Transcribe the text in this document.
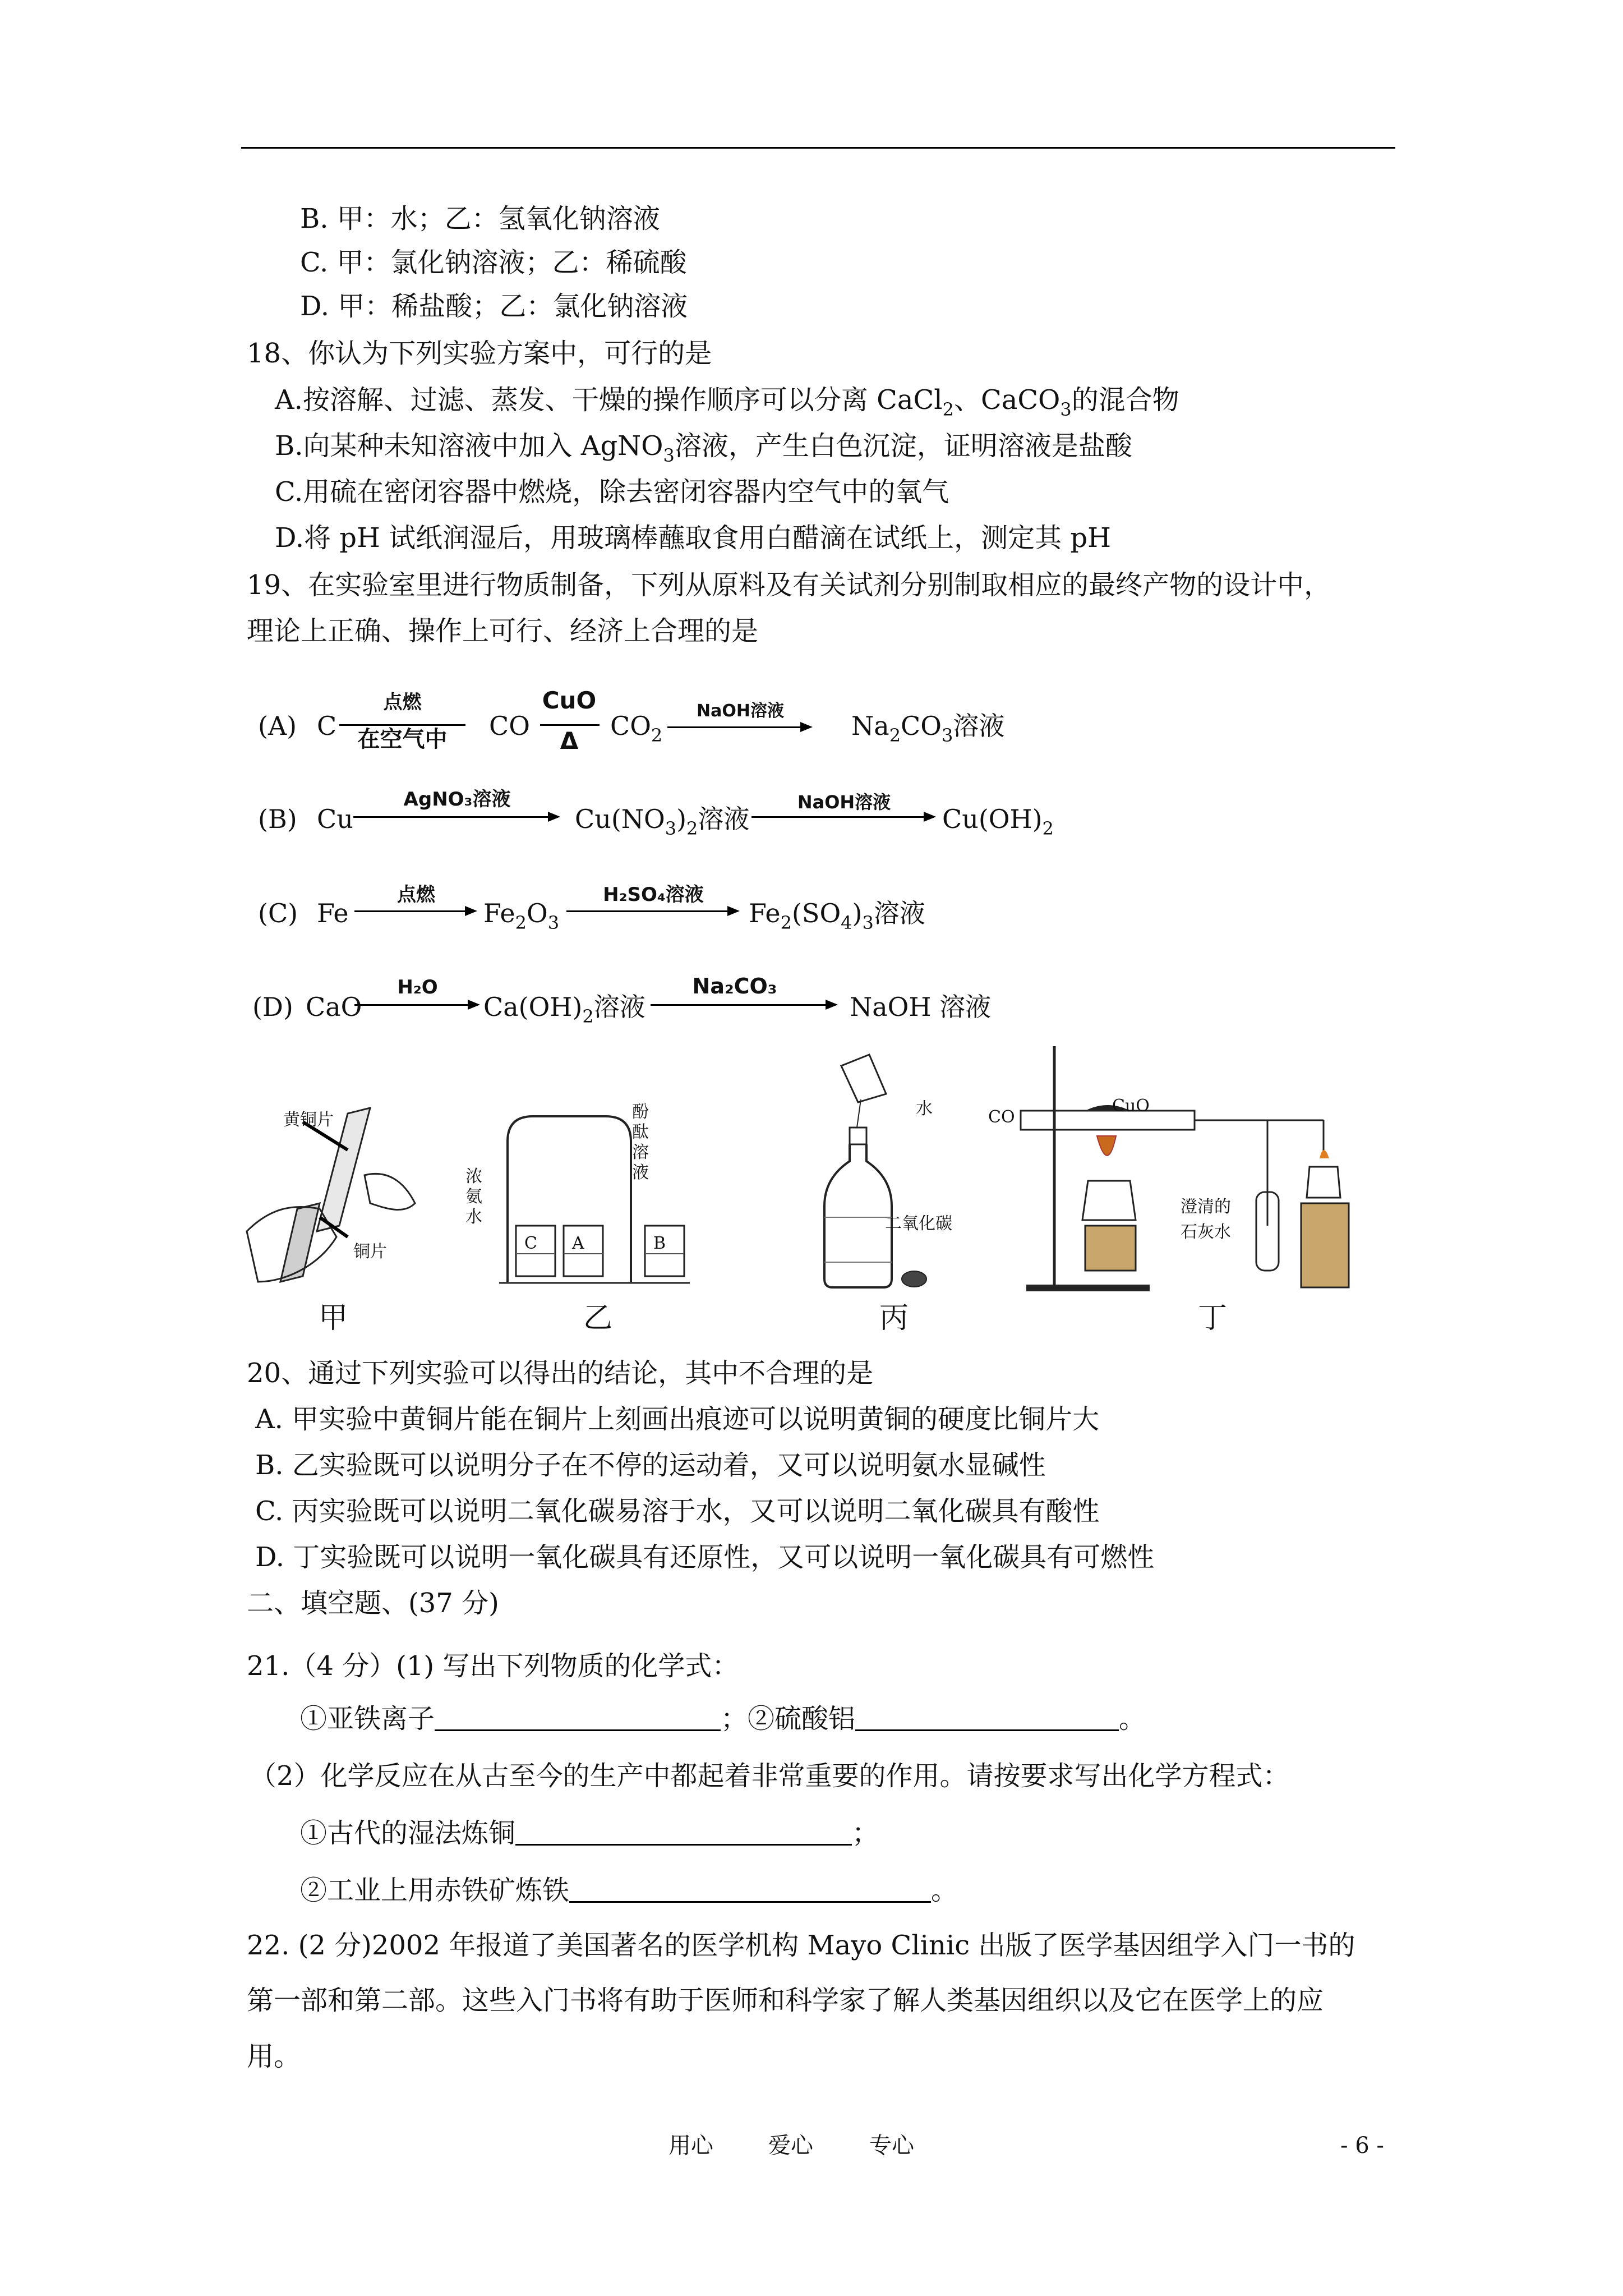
B. 甲：水；乙：氢氧化钠溶液
C. 甲：氯化钠溶液；乙：稀硫酸
D. 甲：稀盐酸；乙：氯化钠溶液
18、你认为下列实验方案中，可行的是
A.按溶解、过滤、蒸发、干燥的操作顺序可以分离 CaCl$_2$、CaCO$_3$的混合物
B.向某种未知溶液中加入 AgNO$_3$溶液，产生白色沉淀，证明溶液是盐酸
C.用硫在密闭容器中燃烧，除去密闭容器内空气中的氧气
D.将 pH 试纸润湿后，用玻璃棒蘸取食用白醋滴在试纸上，测定其 pH
19、在实验室里进行物质制备，下列从原料及有关试剂分别制取相应的最终产物的设计中，
理论上正确、操作上可行、经济上合理的是
(A) C
点燃
在空气中	CO
CuO
Δ	$CO_2$
NaOH溶液	$Na_2CO_3$溶液
(B) Cu
AgNO₃溶液
$Cu(NO_3)_2$溶液
NaOH溶液
$Cu(OH)_2$
(C) Fe
点燃
$Fe_2O_3$
H₂SO₄溶液
$Fe_2(SO_4)_3$溶液
(D) CaO
H₂O
$Ca(OH)_2$溶液
Na₂CO₃
NaOH 溶液
黄铜片
铜片
甲
浓氨水
酚酞溶液
C A	B
乙
水
二氧化碳
丙
CO
CuO
澄清的
石灰水
丁
20、通过下列实验可以得出的结论，其中不合理的是
A. 甲实验中黄铜片能在铜片上刻画出痕迹可以说明黄铜的硬度比铜片大
B. 乙实验既可以说明分子在不停的运动着，又可以说明氨水显碱性
C. 丙实验既可以说明二氧化碳易溶于水，又可以说明二氧化碳具有酸性
D. 丁实验既可以说明一氧化碳具有还原性，又可以说明一氧化碳具有可燃性
二、填空题、(37 分)
21.（4 分）(1) 写出下列物质的化学式：
①亚铁离子	；②硫酸铝	。
（2）化学反应在从古至今的生产中都起着非常重要的作用。请按要求写出化学方程式：
①古代的湿法炼铜	；
②工业上用赤铁矿炼铁	。
22. (2 分)2002 年报道了美国著名的医学机构 Mayo Clinic 出版了医学基因组学入门一书的
第一部和第二部。这些入门书将有助于医师和科学家了解人类基因组织以及它在医学上的应
用。
用心 爱心	专心	- 6 -
